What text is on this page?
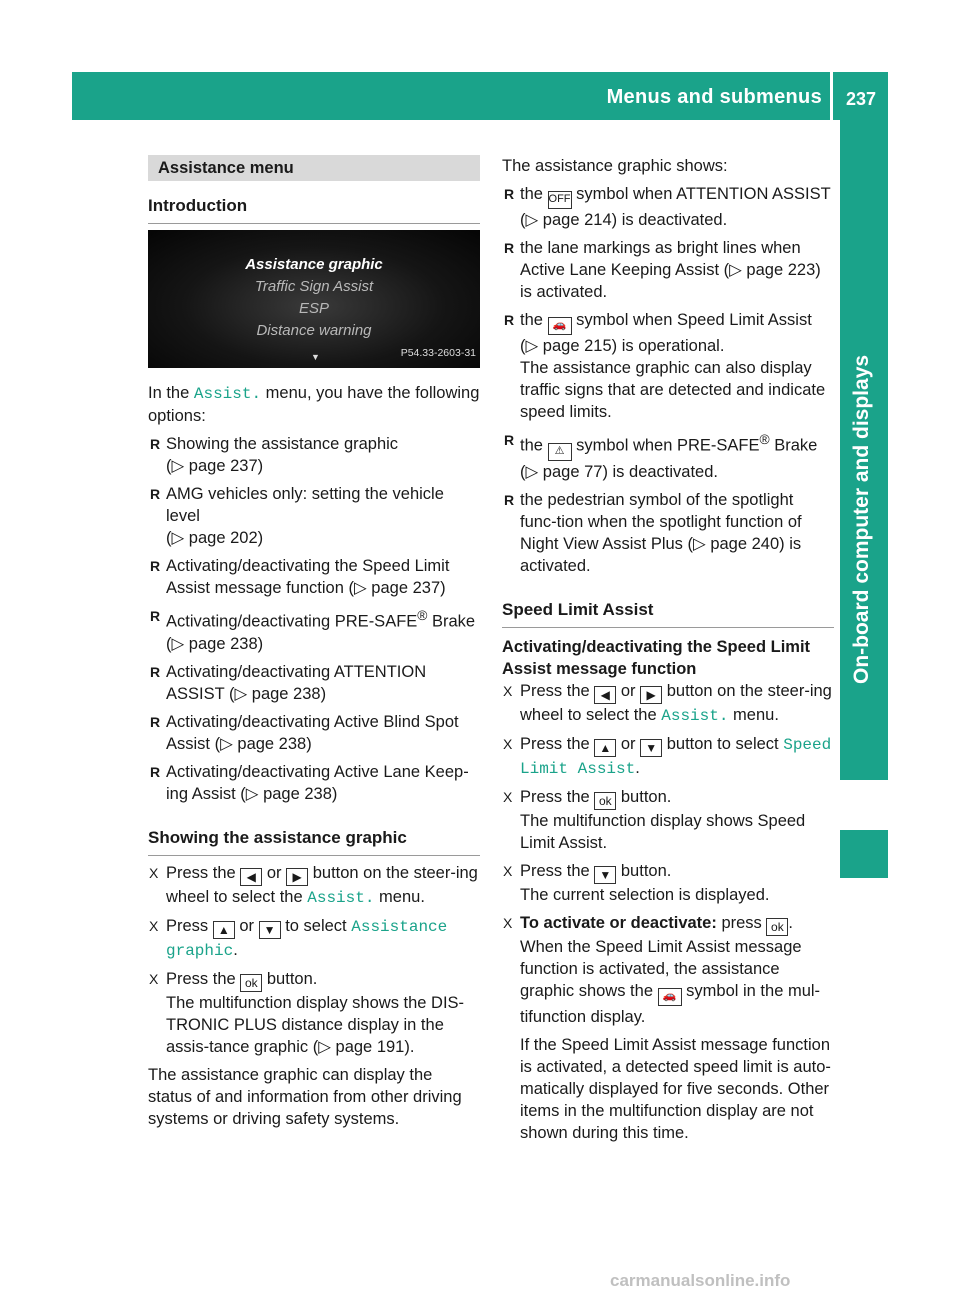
Menus and submenus 237
On-board computer and displays
Assistance menu
Introduction
Assistance graphic
Traffic Sign Assist
ESP
Distance warning
▼	P54.33-2603-31

In the Assist. menu, you have the following options:

R Showing the assistance graphic
(▷ page 237)
R AMG vehicles only: setting the vehicle level
(▷ page 202)
R Activating/deactivating the Speed Limit Assist message function (▷ page 237)
R Activating/deactivating PRE-SAFE® Brake
(▷ page 238)
R Activating/deactivating ATTENTION ASSIST (▷ page 238)
R Activating/deactivating Active Blind Spot Assist (▷ page 238)
R Activating/deactivating Active Lane Keep-ing Assist (▷ page 238)
Showing the assistance graphic
X Press the ◀ or ▶ button on the steer-ing wheel to select the Assist. menu.
X Press ▲ or ▼ to select Assistance graphic.
X Press the ok button.
The multifunction display shows the DIS-TRONIC PLUS distance display in the assis-tance graphic (▷ page 191).

The assistance graphic can display the status of and information from other driving systems or driving safety systems.

The assistance graphic shows:

R the OFF symbol when ATTENTION ASSIST (▷ page 214) is deactivated.
R the lane markings as bright lines when Active Lane Keeping Assist (▷ page 223) is activated.
R the 🚗 symbol when Speed Limit Assist (▷ page 215) is operational.
The assistance graphic can also display traffic signs that are detected and indicate speed limits.
R the ⚠ symbol when PRE-SAFE® Brake (▷ page 77) is deactivated.
R the pedestrian symbol of the spotlight func-tion when the spotlight function of Night View Assist Plus (▷ page 240) is activated.
Speed Limit Assist
Activating/deactivating the Speed Limit Assist message function
X Press the ◀ or ▶ button on the steer-ing wheel to select the Assist. menu.
X Press the ▲ or ▼ button to select Speed Limit Assist.
X Press the ok button.
The multifunction display shows Speed Limit Assist.
X Press the ▼ button.
The current selection is displayed.
X To activate or deactivate: press ok .
When the Speed Limit Assist message function is activated, the assistance graphic shows the 🚗 symbol in the mul-tifunction display.

If the Speed Limit Assist message function is activated, a detected speed limit is auto-matically displayed for five seconds. Other items in the multifunction display are not shown during this time.
carmanualsonline.info
